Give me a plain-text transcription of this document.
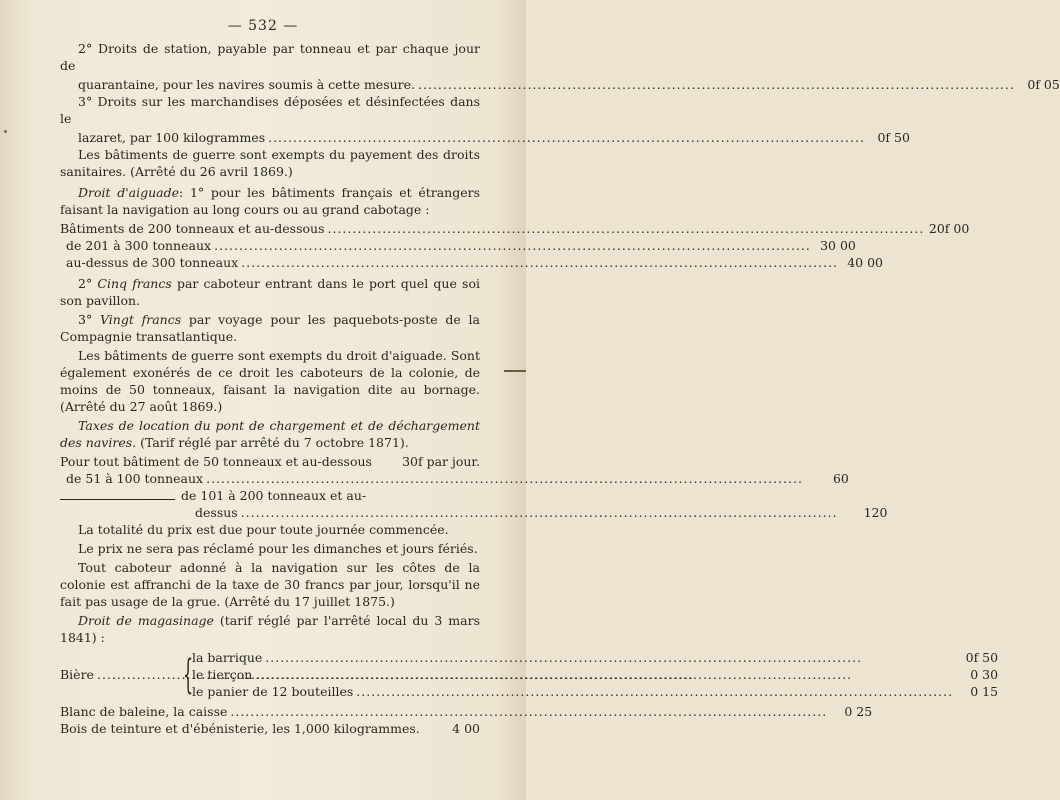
— 532 —

2° Droits de station, payable par tonneau et par chaque jour de

quarantaine, pour les navires soumis à cette mesure. .....	0f 05

3° Droits sur les marchandises déposées et désinfectées dans le

lazaret, par 100 kilogrammes .....	0f 50

Les bâtiments de guerre sont exempts du payement des droits sanitaires. (Arrêté du 26 avril 1869.)

Droit d'aiguade: 1° pour les bâtiments français et étrangers faisant la navigation au long cours ou au grand cabotage :

Bâtiments de 200 tonneaux et au-dessous .....	20f 00
de 201 à 300 tonneaux .....	30 00
au-dessus de 300 tonneaux .....	40 00

2° Cinq francs par caboteur entrant dans le port quel que soi son pavillon.

3° Vingt francs par voyage pour les paquebots-poste de la Compagnie transatlantique.

Les bâtiments de guerre sont exempts du droit d'aiguade. Sont également exonérés de ce droit les caboteurs de la colonie, de moins de 50 tonneaux, faisant la navigation dite au bornage. (Arrêté du 27 août 1869.)

Taxes de location du pont de chargement et de déchargement des navires. (Tarif réglé par arrêté du 7 octobre 1871).

Pour tout bâtiment de 50 tonneaux et au-dessous 30f par jour.
de 51 à 100 tonneaux .....	60
de 101 à 200 tonneaux et au-
dessus .....	120

La totalité du prix est due pour toute journée commencée.

Le prix ne sera pas réclamé pour les dimanches et jours fériés.

Tout caboteur adonné à la navigation sur les côtes de la colonie est affranchi de la taxe de 30 francs par jour, lorsqu'il ne fait pas usage de la grue. (Arrêté du 17 juillet 1875.)

Droit de magasinage (tarif réglé par l'arrêté local du 3 mars 1841) :

Bière ..... {
la barrique .....	0f 50
le tierçon .....	0 30
le panier de 12 bouteilles .....	0 15
Blanc de baleine, la caisse .....	0 25
Bois de teinture et d'ébénisterie, les 1,000 kilogrammes.	4 00
